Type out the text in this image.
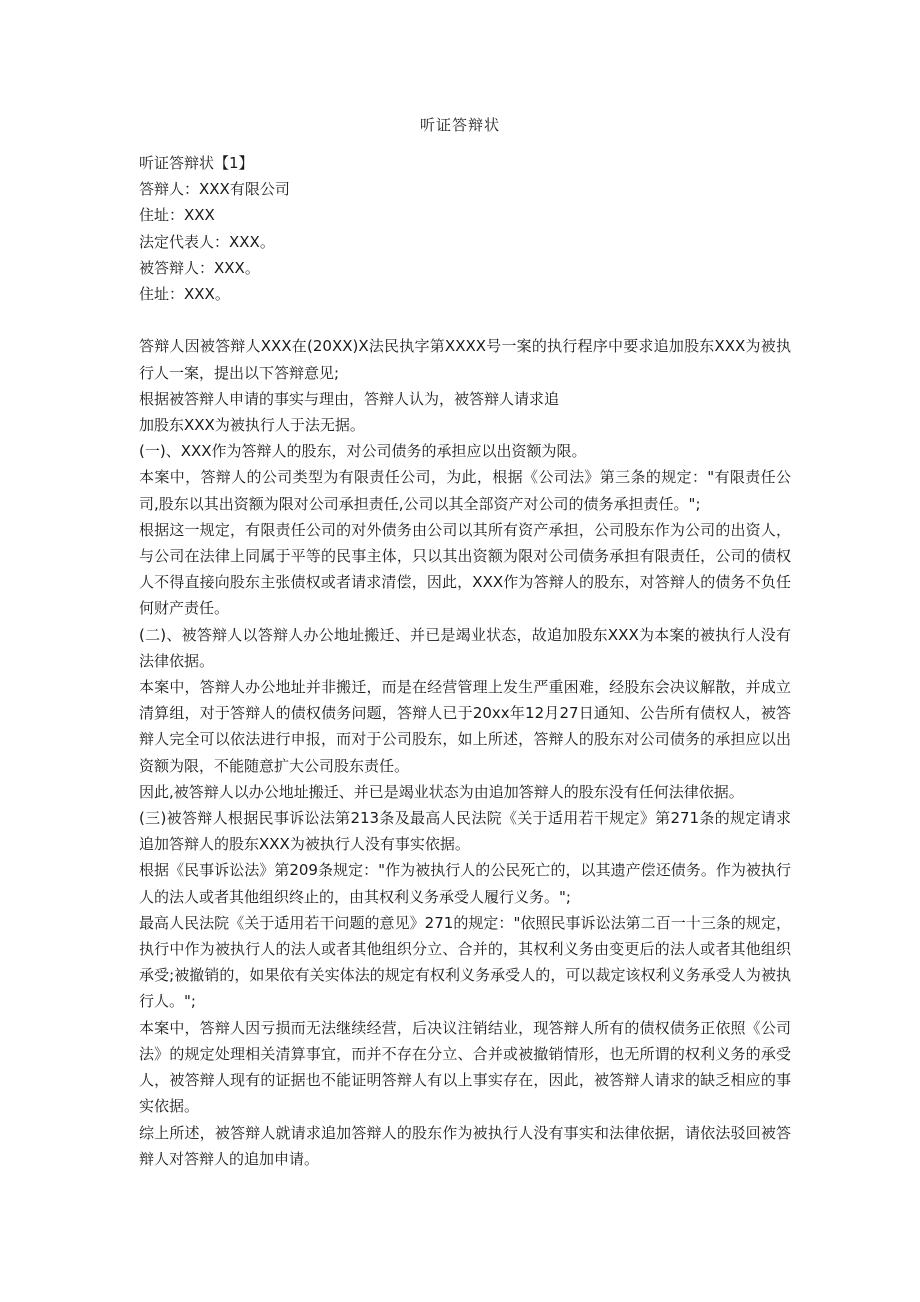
听证答辩状

听证答辩状【1】

答辩人：XXX有限公司

住址：XXX

法定代表人：XXX。

被答辩人：XXX。

住址：XXX。

答辩人因被答辩人XXX在(20XX)X法民执字第XXXX号一案的执行程序中要求追加股东XXX为被执行人一案，提出以下答辩意见;

根据被答辩人申请的事实与理由，答辩人认为，被答辩人请求追

加股东XXX为被执行人于法无据。

(一)、XXX作为答辩人的股东，对公司债务的承担应以出资额为限。

本案中，答辩人的公司类型为有限责任公司，为此，根据《公司法》第三条的规定："有限责任公司,股东以其出资额为限对公司承担责任,公司以其全部资产对公司的债务承担责任。";

根据这一规定，有限责任公司的对外债务由公司以其所有资产承担，公司股东作为公司的出资人，与公司在法律上同属于平等的民事主体，只以其出资额为限对公司债务承担有限责任，公司的债权人不得直接向股东主张债权或者请求清偿，因此，XXX作为答辩人的股东，对答辩人的债务不负任何财产责任。

(二)、被答辩人以答辩人办公地址搬迁、并已是竭业状态，故追加股东XXX为本案的被执行人没有法律依据。

本案中，答辩人办公地址并非搬迁，而是在经营管理上发生严重困难，经股东会决议解散，并成立清算组，对于答辩人的债权债务问题，答辩人已于20xx年12月27日通知、公告所有债权人，被答辩人完全可以依法进行申报，而对于公司股东，如上所述，答辩人的股东对公司债务的承担应以出资额为限，不能随意扩大公司股东责任。

因此,被答辩人以办公地址搬迁、并已是竭业状态为由追加答辩人的股东没有任何法律依据。

(三)被答辩人根据民事诉讼法第213条及最高人民法院《关于适用若干规定》第271条的规定请求追加答辩人的股东XXX为被执行人没有事实依据。

根据《民事诉讼法》第209条规定："作为被执行人的公民死亡的，以其遗产偿还债务。作为被执行人的法人或者其他组织终止的，由其权利义务承受人履行义务。";

最高人民法院《关于适用若干问题的意见》271的规定："依照民事诉讼法第二百一十三条的规定，执行中作为被执行人的法人或者其他组织分立、合并的，其权利义务由变更后的法人或者其他组织承受;被撤销的，如果依有关实体法的规定有权利义务承受人的，可以裁定该权利义务承受人为被执行人。";

本案中，答辩人因亏损而无法继续经营，后决议注销结业，现答辩人所有的债权债务正依照《公司法》的规定处理相关清算事宜，而并不存在分立、合并或被撤销情形，也无所谓的权利义务的承受人，被答辩人现有的证据也不能证明答辩人有以上事实存在，因此，被答辩人请求的缺乏相应的事实依据。

综上所述，被答辩人就请求追加答辩人的股东作为被执行人没有事实和法律依据，请依法驳回被答辩人对答辩人的追加申请。
